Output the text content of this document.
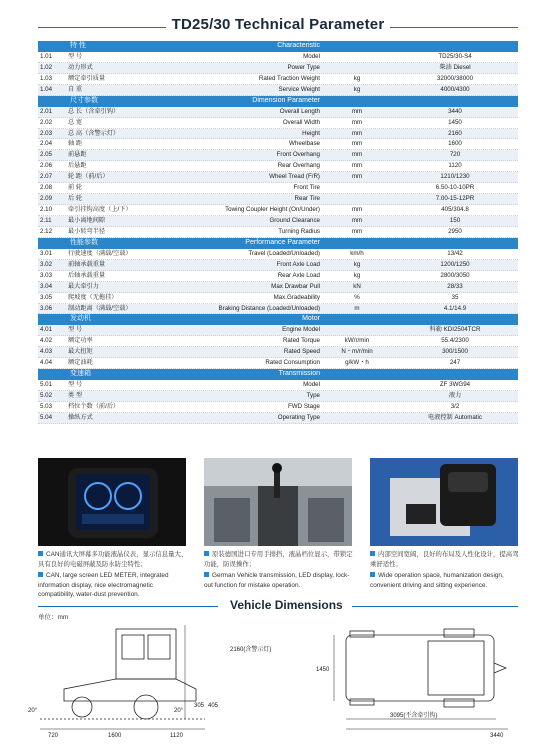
TD25/30 Technical Parameter
特 性	Characteristic
1.01	型 号	Model	TD25/30-S4
1.02	动力形式	Power Type	柴油 Diesel
1.03	额定牵引质量	Rated Traction Weight	kg	32000/38000
1.04	自 重	Service Weight	kg	4000/4300
尺寸参数	Dimension Parameter
2.01	总 长（含牵引钩）	Overall Length	mm	3440
2.02	总 宽	Overall Width	mm	1450
2.03	总 高（含警示灯）	Height	mm	2160
2.04	轴 距	Wheelbase	mm	1600
2.05	前悬距	Front Overhang	mm	720
2.06	后悬距	Rear Overhang	mm	1120
2.07	轮 距（前/后）	Wheel Tread (F/R)	mm	1210/1230
2.08	前 轮	Front Tire	6.50-10-10PR
2.09	后 轮	Rear Tire	7.00-15-12PR
2.10	牵引挂钩高度（上/下）	Towing Coupler Height (On/Under)	mm	405/304.8
2.11	最小离地间隙	Ground Clearance	mm	150
2.12	最小转弯半径	Turning Radius	mm	2950
性能参数	Performance Parameter
3.01	行驶速度（满载/空载）	Travel (Loaded/Unloaded)	km/h	13/42
3.02	前轴承载重量	Front Axle Load	kg	1200/1250
3.03	后轴承载重量	Rear Axle Load	kg	2800/3050
3.04	最大牵引力	Max Drawbar Pull	kN	28/33
3.05	爬坡度（无拖挂）	Max.Gradeability	%	35
3.06	制动距离（满载/空载）	Braking Distance (Loaded/Unloaded)	m	4.1/14.9
发动机	Motor
4.01	型 号	Engine Model	科勒 KDI2504TCR
4.02	额定功率	Rated Torque	kW/r/min	55.4/2300
4.03	最大扭矩	Rated Speed	N・m/r/min	300/1500
4.04	额定油耗	Rated Consumption	g/kW・h	247
变速箱	Transmission
5.01	型 号	Model	ZF 3WG94
5.02	类 型	Type	液力
5.03	档位个数（前/后）	FWD Stage	3/2
5.04	操纵方式	Operating Type	电液控制 Automatic

CAN通讯大屏幕多功能液晶仪表，显示信息量大、具有良好的电磁屏蔽及防水防尘特性；

CAN, large screen LED METER, integrated information display, nice electromagnetic compatibility, water-dust prevention.

原装德国进口专用手排挡，液晶档位显示，带锁定功能，防误操作；

German Vehicle transmission, LED display, lock-out function for mistake operation.

内部空间宽阔，良好的布局及人性化设计，提高驾乘舒适性；

Wide operation space, humanization design, convenient driving and sitting experience.

Vehicle Dimensions
单位：mm
2160(含警示灯)
20°	20°
305 405
720	1600	1120
1450
3095(不含牵引钩)
3440
